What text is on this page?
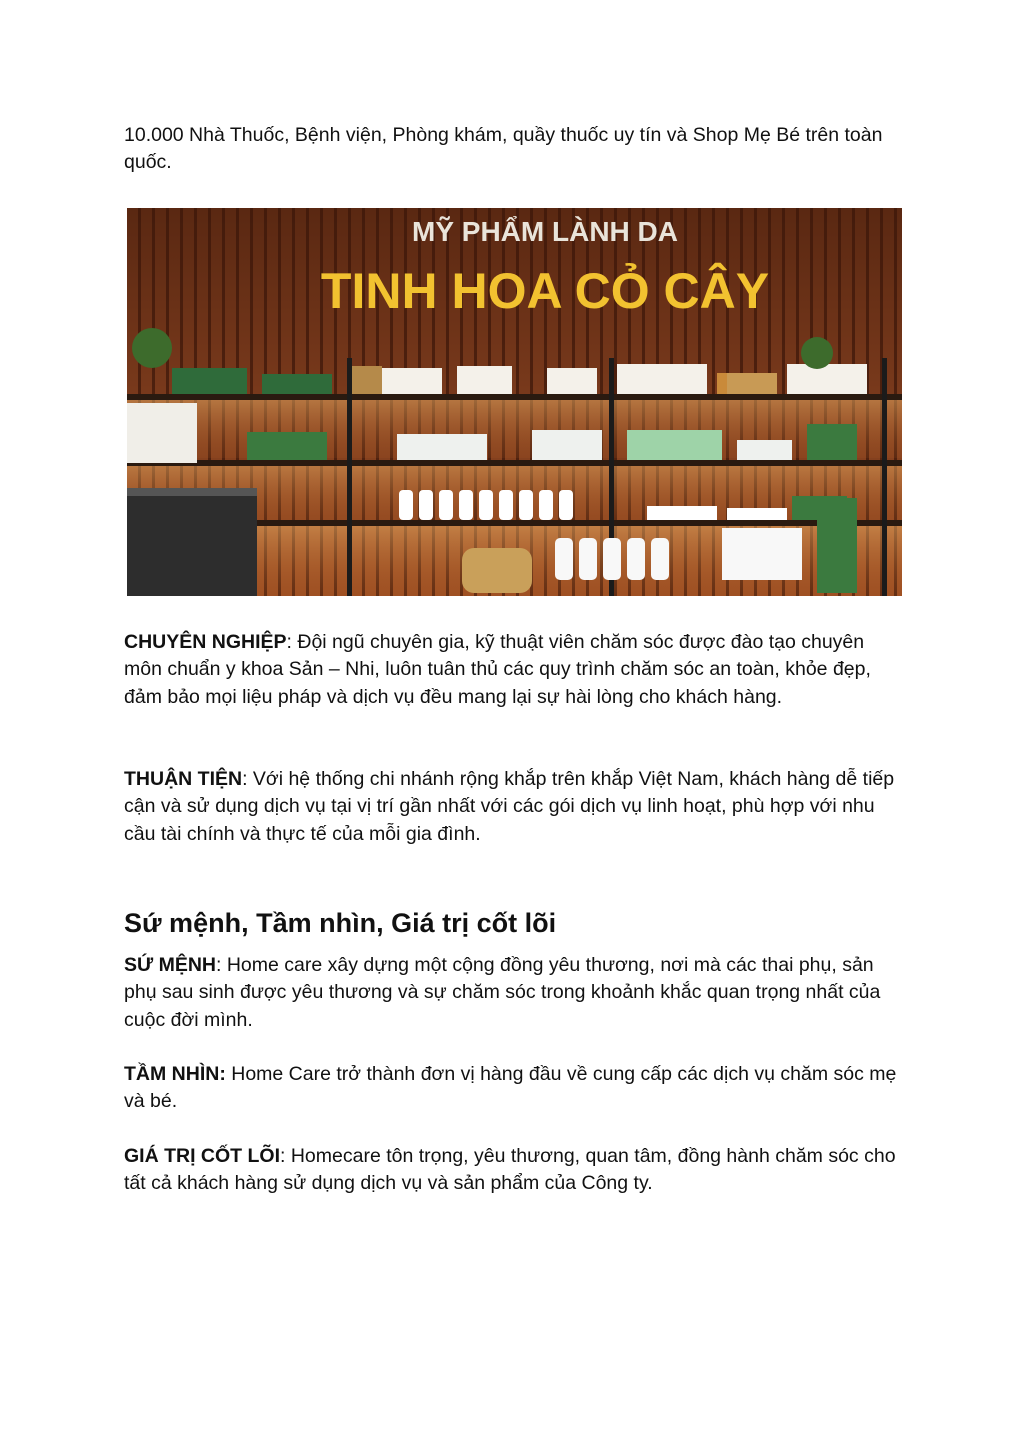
10.000 Nhà Thuốc, Bệnh viện, Phòng khám, quầy thuốc uy tín và Shop Mẹ Bé trên toàn quốc.

MỸ PHẨM LÀNH DA
TINH HOA CỎ CÂY

CHUYÊN NGHIỆP: Đội ngũ chuyên gia, kỹ thuật viên chăm sóc được đào tạo chuyên môn chuẩn y khoa Sản – Nhi, luôn tuân thủ các quy trình chăm sóc an toàn, khỏe đẹp, đảm bảo mọi liệu pháp và dịch vụ đều mang lại sự hài lòng cho khách hàng.

THUẬN TIỆN: Với hệ thống chi nhánh rộng khắp trên khắp Việt Nam, khách hàng dễ tiếp cận và sử dụng dịch vụ tại vị trí gần nhất với các gói dịch vụ linh hoạt, phù hợp với nhu cầu tài chính và thực tế của mỗi gia đình.

Sứ mệnh, Tầm nhìn, Giá trị cốt lõi

SỨ MỆNH: Home care xây dựng một cộng đồng yêu thương, nơi mà các thai phụ, sản phụ sau sinh được yêu thương và sự chăm sóc trong khoảnh khắc quan trọng nhất của cuộc đời mình.

TẦM NHÌN: Home Care trở thành đơn vị hàng đầu về cung cấp các dịch vụ chăm sóc mẹ và bé.

GIÁ TRỊ CỐT LÕI: Homecare tôn trọng, yêu thương, quan tâm, đồng hành chăm sóc cho tất cả khách hàng sử dụng dịch vụ và sản phẩm của Công ty.
